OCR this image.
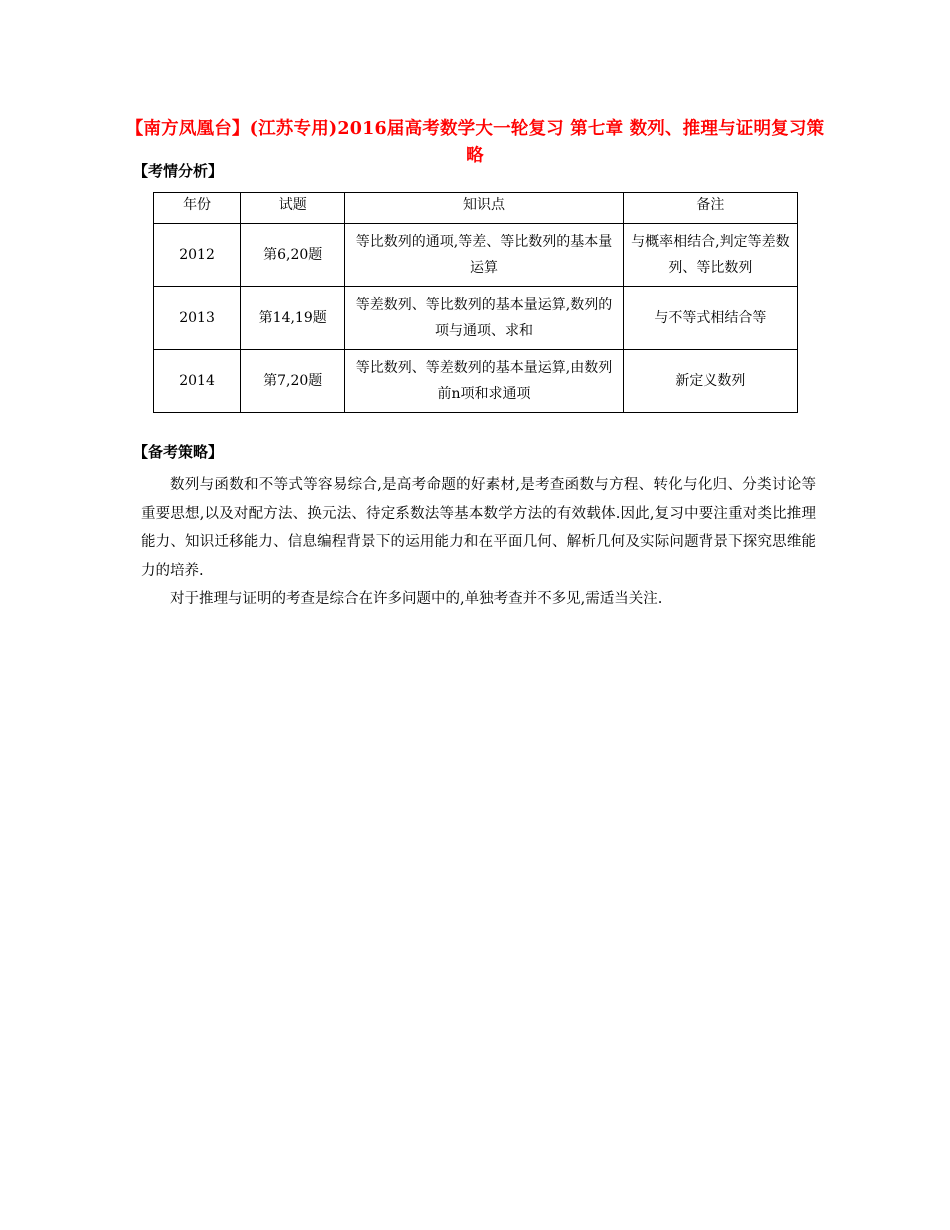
【南方凤凰台】(江苏专用)2016届高考数学大一轮复习 第七章 数列、推理与证明复习策略
【考情分析】
年份	试题	知识点	备注
2012	第6,20题	等比数列的通项,等差、等比数列的基本量运算	与概率相结合,判定等差数列、等比数列
2013	第14,19题	等差数列、等比数列的基本量运算,数列的项与通项、求和	与不等式相结合等
2014	第7,20题	等比数列、等差数列的基本量运算,由数列前n项和求通项	新定义数列
【备考策略】

数列与函数和不等式等容易综合,是高考命题的好素材,是考查函数与方程、转化与化归、分类讨论等重要思想,以及对配方法、换元法、待定系数法等基本数学方法的有效载体.因此,复习中要注重对类比推理能力、知识迁移能力、信息编程背景下的运用能力和在平面几何、解析几何及实际问题背景下探究思维能力的培养.

对于推理与证明的考查是综合在许多问题中的,单独考查并不多见,需适当关注.
